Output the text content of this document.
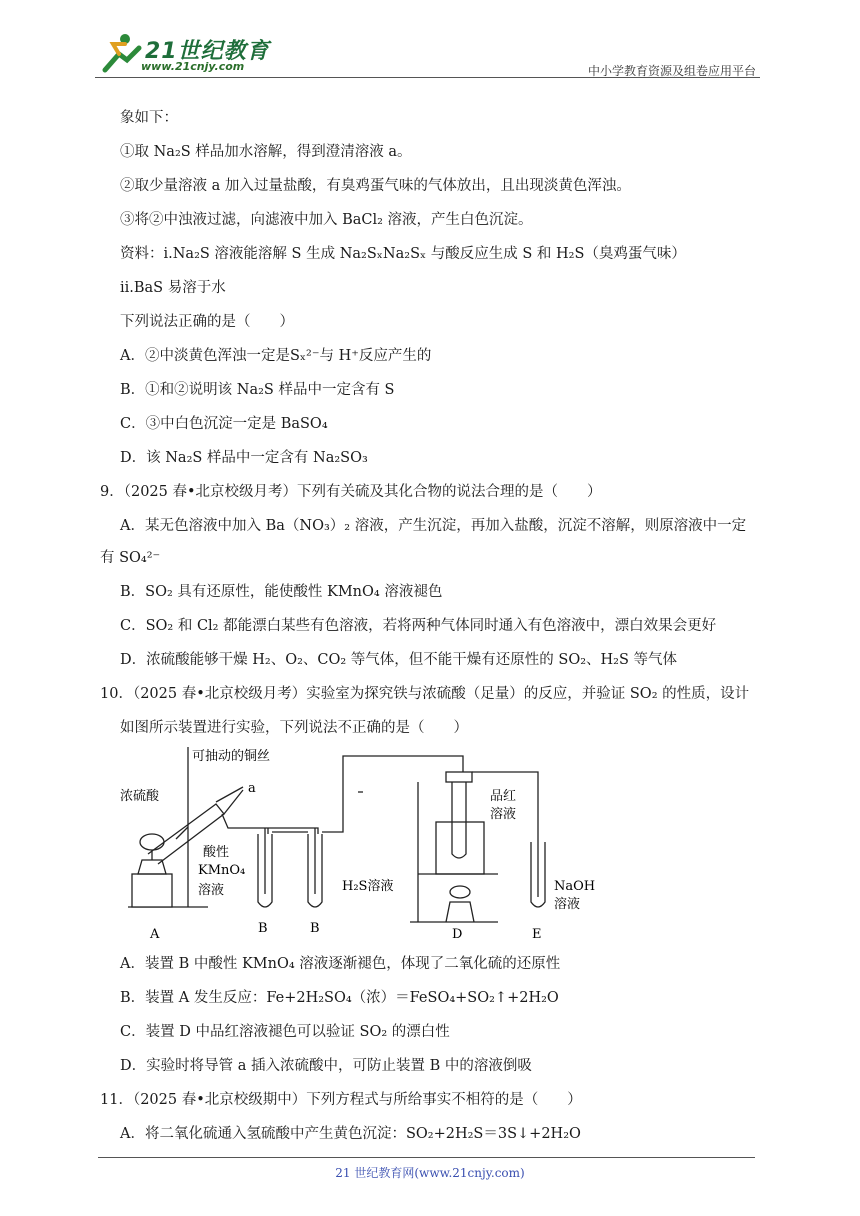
21世纪教育
www.21cnjy.com	中小学教育资源及组卷应用平台
象如下：
①取 Na₂S 样品加水溶解，得到澄清溶液 a。
②取少量溶液 a 加入过量盐酸，有臭鸡蛋气味的气体放出，且出现淡黄色浑浊。
③将②中浊液过滤，向滤液中加入 BaCl₂ 溶液，产生白色沉淀。
资料：ⅰ.Na₂S 溶液能溶解 S 生成 Na₂SₓNa₂Sₓ 与酸反应生成 S 和 H₂S（臭鸡蛋气味）
ⅱ.BaS 易溶于水
下列说法正确的是（　　）
A．②中淡黄色浑浊一定是Sₓ²⁻与 H⁺反应产生的
B．①和②说明该 Na₂S 样品中一定含有 S
C．③中白色沉淀一定是 BaSO₄
D．该 Na₂S 样品中一定含有 Na₂SO₃
9．（2025 春•北京校级月考）下列有关硫及其化合物的说法合理的是（　　）
A．某无色溶液中加入 Ba（NO₃）₂ 溶液，产生沉淀，再加入盐酸，沉淀不溶解，则原溶液中一定
有 SO₄²⁻
B．SO₂ 具有还原性，能使酸性 KMnO₄ 溶液褪色
C．SO₂ 和 Cl₂ 都能漂白某些有色溶液，若将两种气体同时通入有色溶液中，漂白效果会更好
D．浓硫酸能够干燥 H₂、O₂、CO₂ 等气体，但不能干燥有还原性的 SO₂、H₂S 等气体
10．（2025 春•北京校级月考）实验室为探究铁与浓硫酸（足量）的反应，并验证 SO₂ 的性质，设计
如图所示装置进行实验，下列说法不正确的是（　　）
A．装置 B 中酸性 KMnO₄ 溶液逐渐褪色，体现了二氧化硫的还原性
B．装置 A 发生反应：Fe+2H₂SO₄（浓）＝FeSO₄+SO₂↑+2H₂O
C．装置 D 中品红溶液褪色可以验证 SO₂ 的漂白性
D．实验时将导管 a 插入浓硫酸中，可防止装置 B 中的溶液倒吸
11．（2025 春•北京校级期中）下列方程式与所给事实不相符的是（　　）
A．将二氧化硫通入氢硫酸中产生黄色沉淀：SO₂+2H₂S＝3S↓+2H₂O
可抽动的铜丝
浓硫酸
a
酸性
KMnO₄
溶液	H₂S溶液
品红
溶液
NaOH
溶液
A	B	B	D	E
21 世纪教育网(www.21cnjy.com)
